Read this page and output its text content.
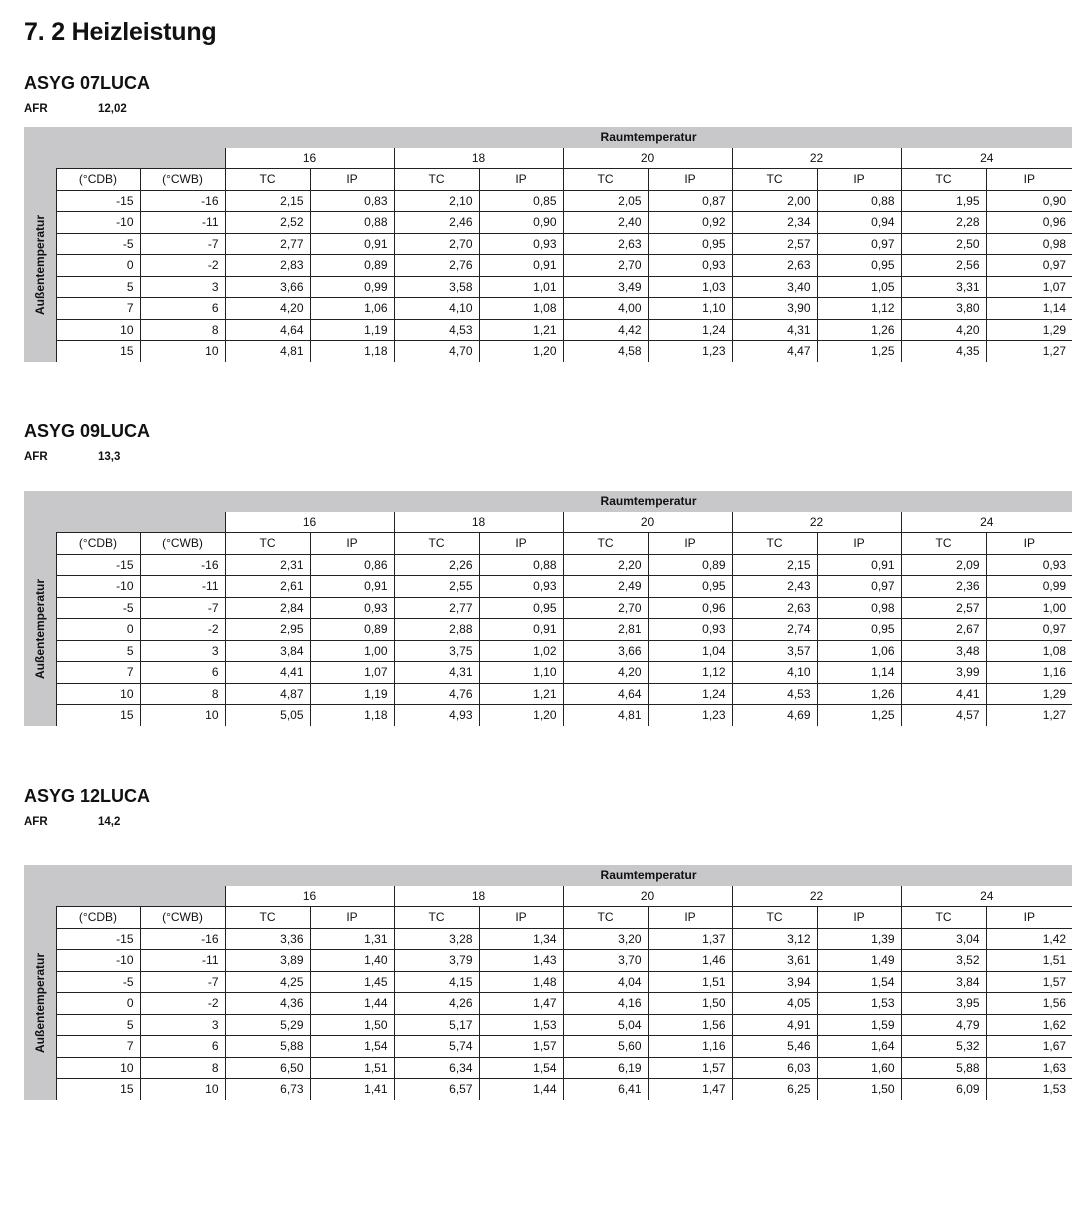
7. 2 Heizleistung
ASYG 07LUCA
AFR	12,02
			Raumtemperatur									
			16		18		20		22		24	

Außentemperatur	(°CDB)	(°CWB)	TC	IP	TC	IP	TC	IP	TC	IP	TC	IP
	-15	-16	2,15	0,83	2,10	0,85	2,05	0,87	2,00	0,88	1,95	0,90
	-10	-11	2,52	0,88	2,46	0,90	2,40	0,92	2,34	0,94	2,28	0,96
	-5	-7	2,77	0,91	2,70	0,93	2,63	0,95	2,57	0,97	2,50	0,98
	0	-2	2,83	0,89	2,76	0,91	2,70	0,93	2,63	0,95	2,56	0,97
	5	3	3,66	0,99	3,58	1,01	3,49	1,03	3,40	1,05	3,31	1,07
	7	6	4,20	1,06	4,10	1,08	4,00	1,10	3,90	1,12	3,80	1,14
	10	8	4,64	1,19	4,53	1,21	4,42	1,24	4,31	1,26	4,20	1,29
	15	10	4,81	1,18	4,70	1,20	4,58	1,23	4,47	1,25	4,35	1,27
ASYG 09LUCA
AFR	13,3
			Raumtemperatur									
			16		18		20		22		24	

Außentemperatur	(°CDB)	(°CWB)	TC	IP	TC	IP	TC	IP	TC	IP	TC	IP
	-15	-16	2,31	0,86	2,26	0,88	2,20	0,89	2,15	0,91	2,09	0,93
	-10	-11	2,61	0,91	2,55	0,93	2,49	0,95	2,43	0,97	2,36	0,99
	-5	-7	2,84	0,93	2,77	0,95	2,70	0,96	2,63	0,98	2,57	1,00
	0	-2	2,95	0,89	2,88	0,91	2,81	0,93	2,74	0,95	2,67	0,97
	5	3	3,84	1,00	3,75	1,02	3,66	1,04	3,57	1,06	3,48	1,08
	7	6	4,41	1,07	4,31	1,10	4,20	1,12	4,10	1,14	3,99	1,16
	10	8	4,87	1,19	4,76	1,21	4,64	1,24	4,53	1,26	4,41	1,29
	15	10	5,05	1,18	4,93	1,20	4,81	1,23	4,69	1,25	4,57	1,27
ASYG 12LUCA
AFR	14,2
			Raumtemperatur									
			16		18		20		22		24	

Außentemperatur	(°CDB)	(°CWB)	TC	IP	TC	IP	TC	IP	TC	IP	TC	IP
	-15	-16	3,36	1,31	3,28	1,34	3,20	1,37	3,12	1,39	3,04	1,42
	-10	-11	3,89	1,40	3,79	1,43	3,70	1,46	3,61	1,49	3,52	1,51
	-5	-7	4,25	1,45	4,15	1,48	4,04	1,51	3,94	1,54	3,84	1,57
	0	-2	4,36	1,44	4,26	1,47	4,16	1,50	4,05	1,53	3,95	1,56
	5	3	5,29	1,50	5,17	1,53	5,04	1,56	4,91	1,59	4,79	1,62
	7	6	5,88	1,54	5,74	1,57	5,60	1,16	5,46	1,64	5,32	1,67
	10	8	6,50	1,51	6,34	1,54	6,19	1,57	6,03	1,60	5,88	1,63
	15	10	6,73	1,41	6,57	1,44	6,41	1,47	6,25	1,50	6,09	1,53
